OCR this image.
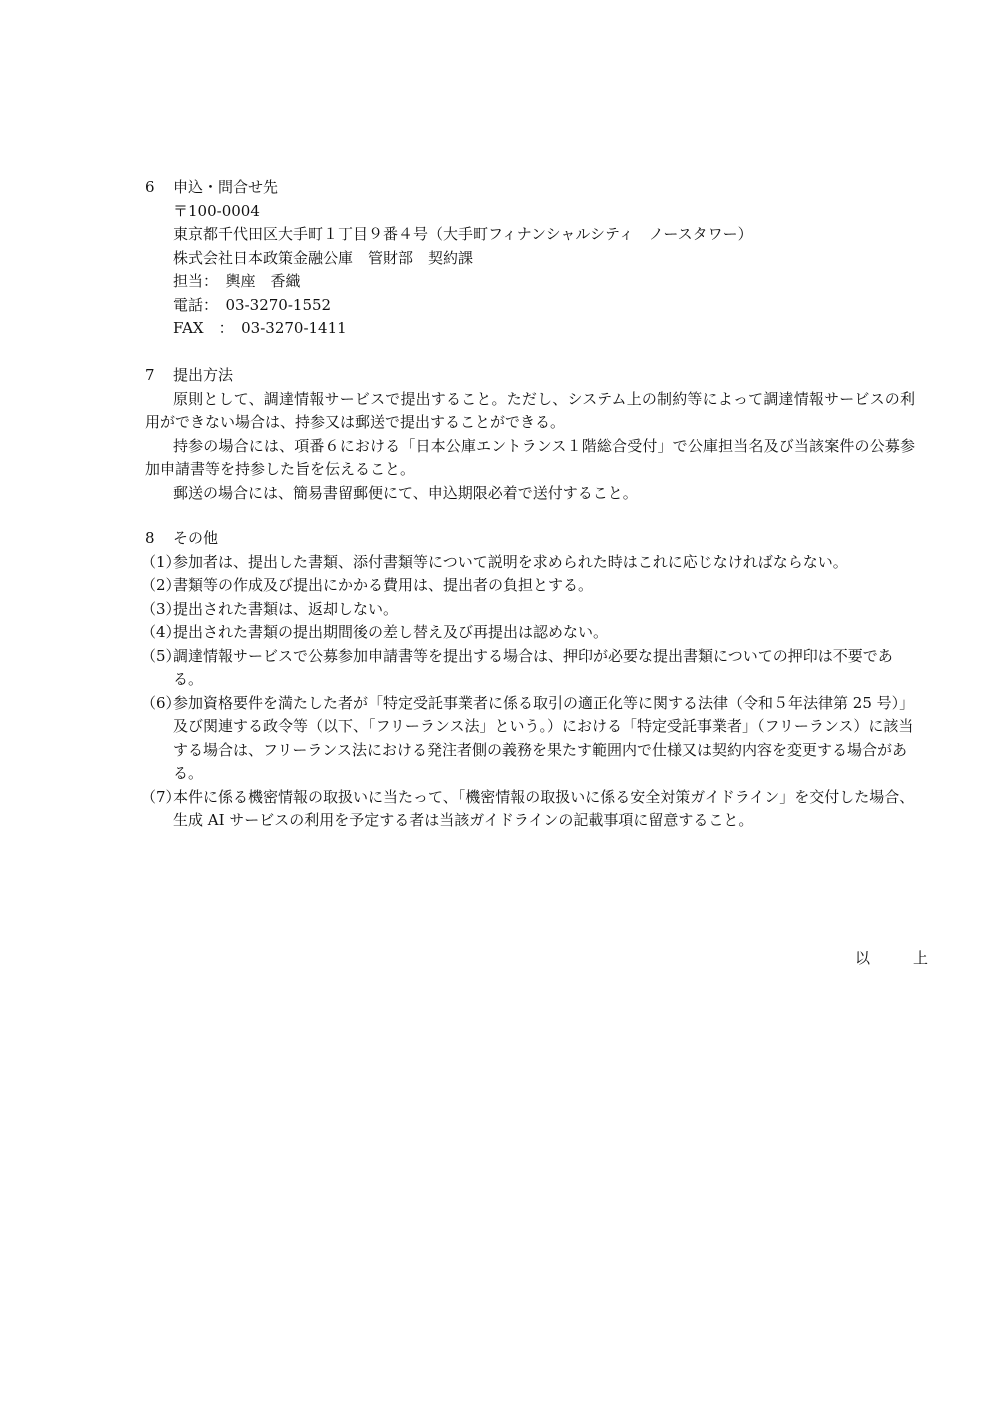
6 申込・問合せ先
〒100-0004
東京都千代田区大手町１丁目９番４号（大手町フィナンシャルシティ　ノースタワー）
株式会社日本政策金融公庫　管財部　契約課
担当：　輿座　香織
電話：　03-3270-1552
FAX　：　03-3270-1411
7 提出方法
原則として、調達情報サービスで提出すること。ただし、システム上の制約等によって調達情報サービスの利用ができない場合は、持参又は郵送で提出することができる。
持参の場合には、項番６における「日本公庫エントランス１階総合受付」で公庫担当名及び当該案件の公募参加申請書等を持参した旨を伝えること。
郵送の場合には、簡易書留郵便にて、申込期限必着で送付すること。
8 その他
（1）
参加者は、提出した書類、添付書類等について説明を求められた時はこれに応じなければならない。
（2）
書類等の作成及び提出にかかる費用は、提出者の負担とする。
（3）
提出された書類は、返却しない。
（4）
提出された書類の提出期間後の差し替え及び再提出は認めない。
（5）
調達情報サービスで公募参加申請書等を提出する場合は、押印が必要な提出書類についての押印は不要である。
（6）
参加資格要件を満たした者が「特定受託事業者に係る取引の適正化等に関する法律（令和５年法律第 25 号）」及び関連する政令等（以下、「フリーランス法」という。）における「特定受託事業者」（フリーランス）に該当する場合は、フリーランス法における発注者側の義務を果たす範囲内で仕様又は契約内容を変更する場合がある。
（7）
本件に係る機密情報の取扱いに当たって、「機密情報の取扱いに係る安全対策ガイドライン」を交付した場合、生成 AI サービスの利用を予定する者は当該ガイドラインの記載事項に留意すること。
以　上
